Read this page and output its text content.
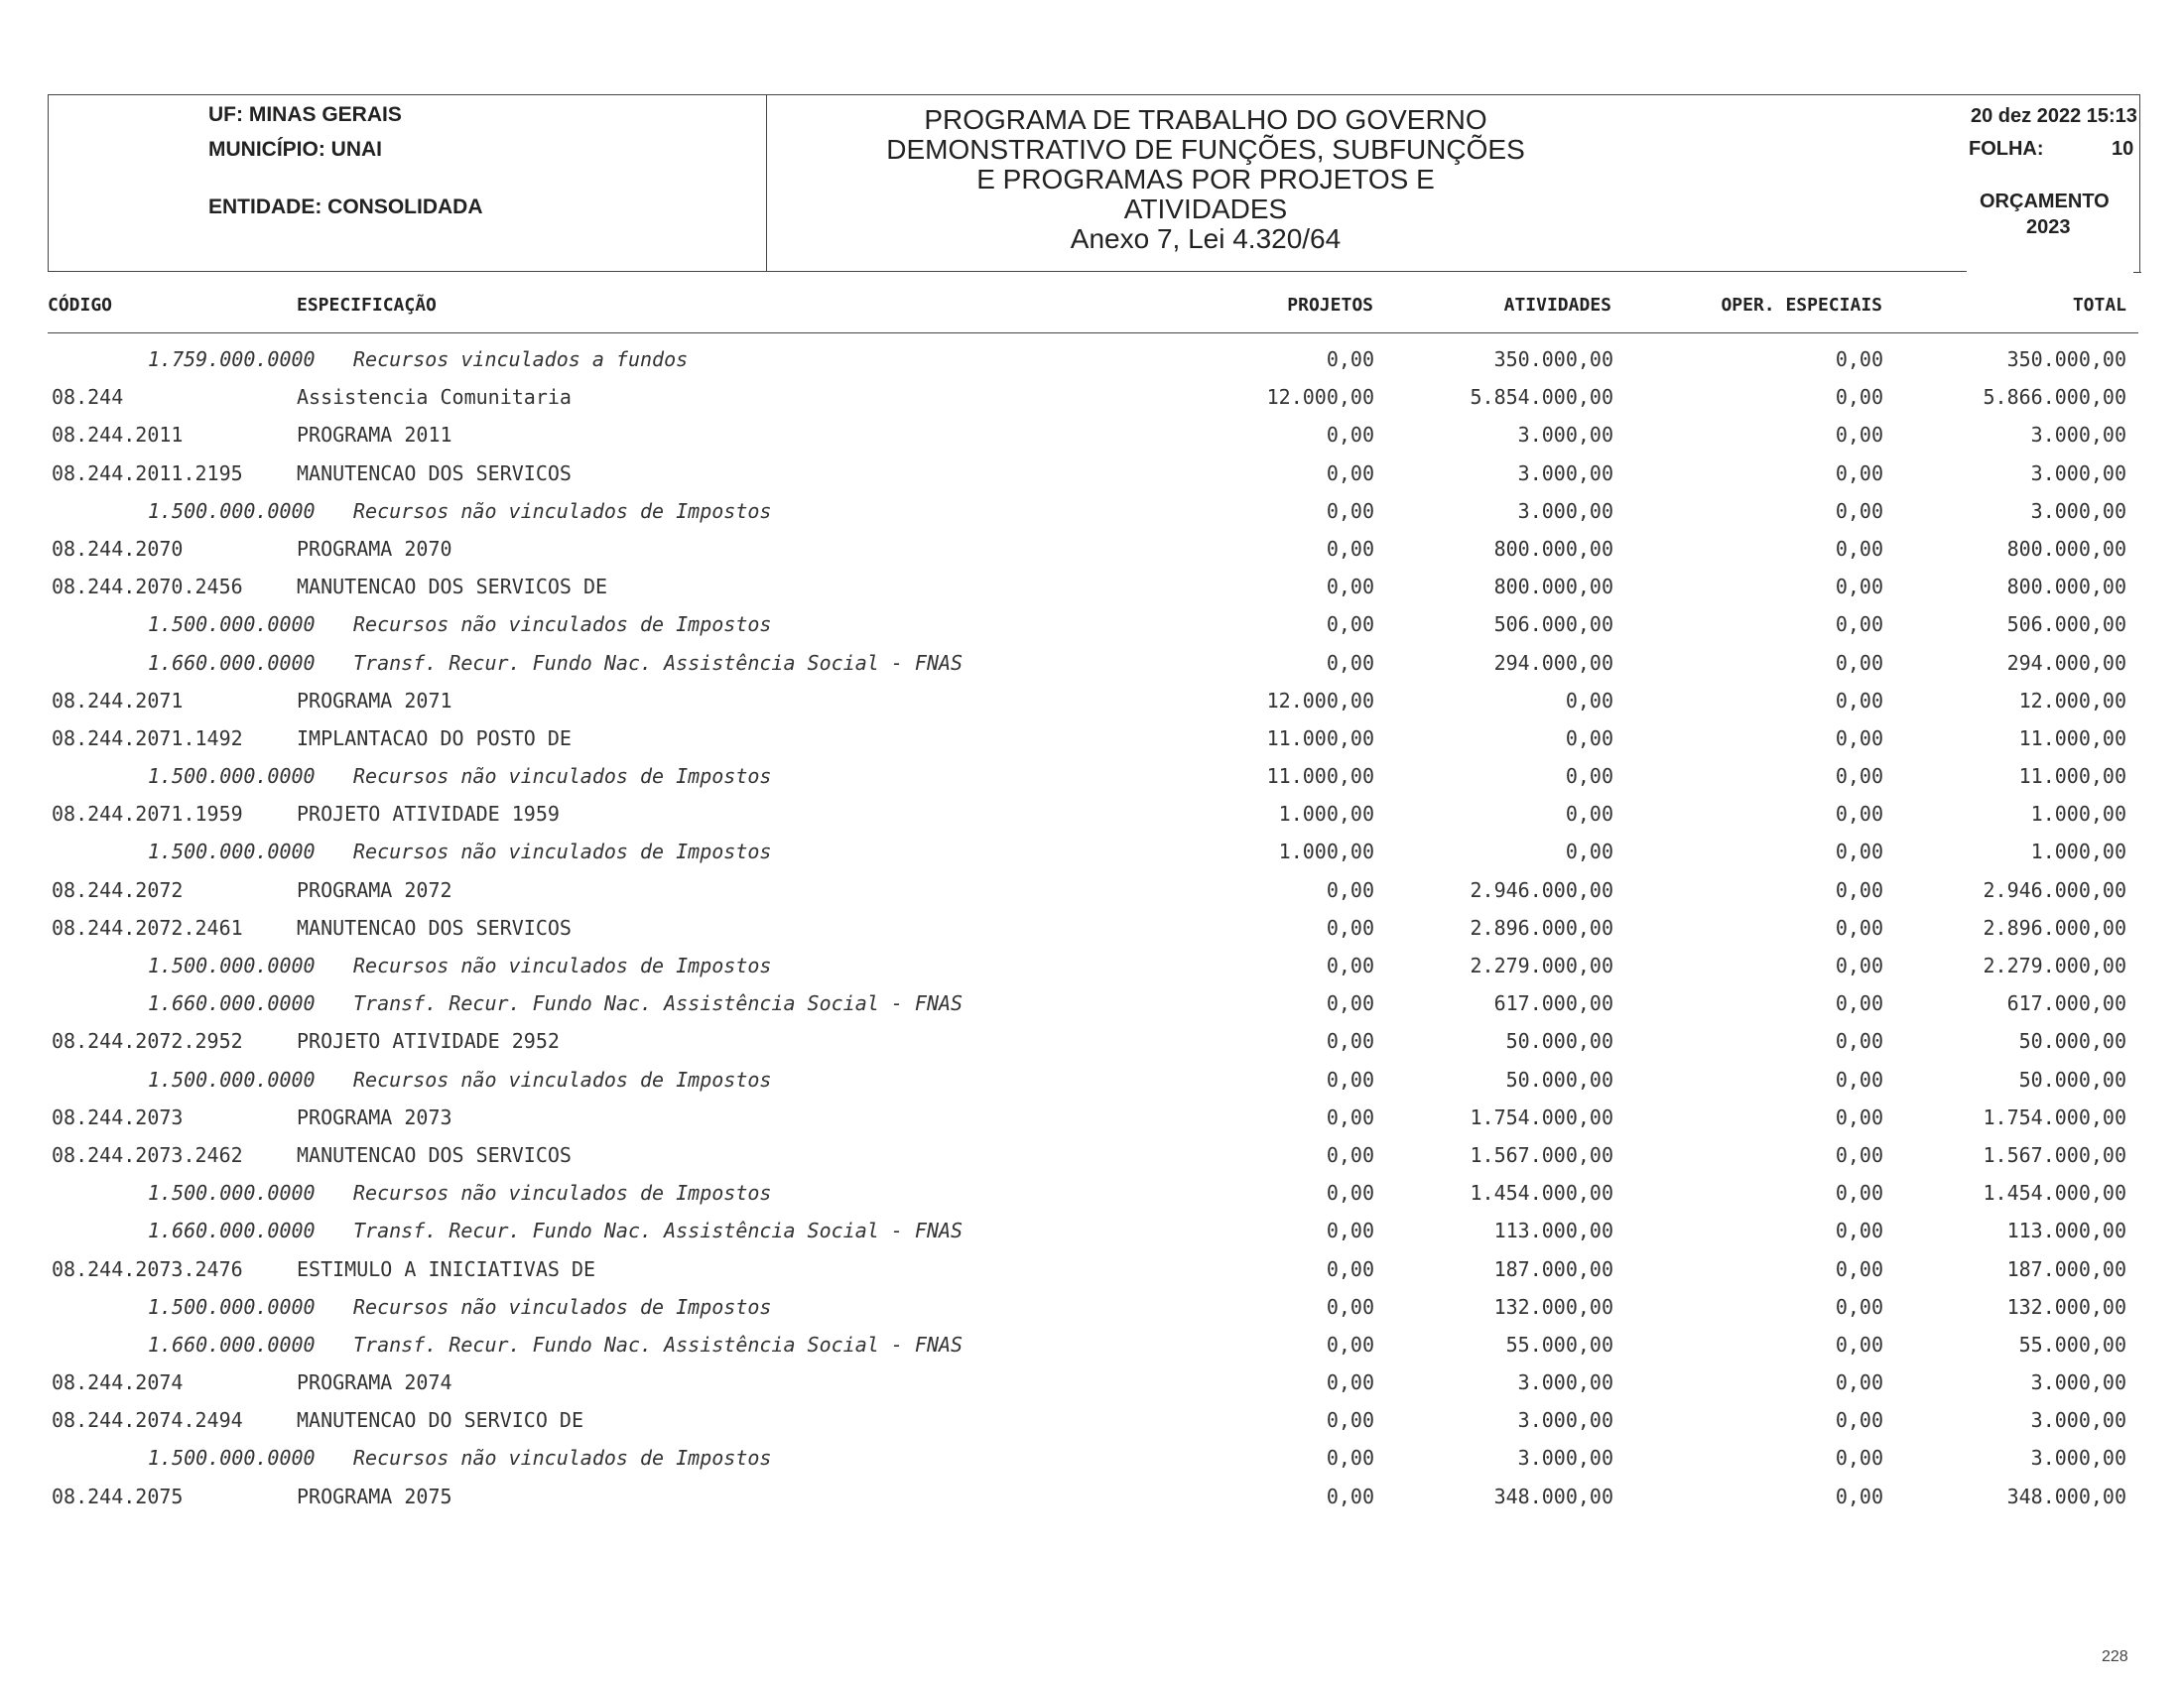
UF: MINAS GERAIS
MUNICÍPIO: UNAI
ENTIDADE: CONSOLIDADA
PROGRAMA DE TRABALHO DO GOVERNO
DEMONSTRATIVO DE FUNÇÕES, SUBFUNÇÕES
E PROGRAMAS POR PROJETOS E
ATIVIDADES
Anexo 7, Lei 4.320/64
20 dez 2022 15:13
FOLHA:	10
ORÇAMENTO
2023
CÓDIGO	ESPECIFICAÇÃO	PROJETOS	ATIVIDADES	OPER. ESPECIAIS	TOTAL
1.759.000.0000 Recursos vinculados a fundos	0,00	350.000,00	0,00	350.000,00
08.244	Assistencia Comunitaria	12.000,00	5.854.000,00	0,00	5.866.000,00
08.244.2011	PROGRAMA 2011	0,00	3.000,00	0,00	3.000,00
08.244.2011.2195	MANUTENCAO DOS SERVICOS	0,00	3.000,00	0,00	3.000,00
1.500.000.0000 Recursos não vinculados de Impostos	0,00	3.000,00	0,00	3.000,00
08.244.2070	PROGRAMA 2070	0,00	800.000,00	0,00	800.000,00
08.244.2070.2456	MANUTENCAO DOS SERVICOS DE	0,00	800.000,00	0,00	800.000,00
1.500.000.0000 Recursos não vinculados de Impostos	0,00	506.000,00	0,00	506.000,00
1.660.000.0000 Transf. Recur. Fundo Nac. Assistência Social - FNAS	0,00	294.000,00	0,00	294.000,00
08.244.2071	PROGRAMA 2071	12.000,00	0,00	0,00	12.000,00
08.244.2071.1492	IMPLANTACAO DO POSTO DE	11.000,00	0,00	0,00	11.000,00
1.500.000.0000 Recursos não vinculados de Impostos	11.000,00	0,00	0,00	11.000,00
08.244.2071.1959	PROJETO ATIVIDADE 1959	1.000,00	0,00	0,00	1.000,00
1.500.000.0000 Recursos não vinculados de Impostos	1.000,00	0,00	0,00	1.000,00
08.244.2072	PROGRAMA 2072	0,00	2.946.000,00	0,00	2.946.000,00
08.244.2072.2461	MANUTENCAO DOS SERVICOS	0,00	2.896.000,00	0,00	2.896.000,00
1.500.000.0000 Recursos não vinculados de Impostos	0,00	2.279.000,00	0,00	2.279.000,00
1.660.000.0000 Transf. Recur. Fundo Nac. Assistência Social - FNAS	0,00	617.000,00	0,00	617.000,00
08.244.2072.2952	PROJETO ATIVIDADE 2952	0,00	50.000,00	0,00	50.000,00
1.500.000.0000 Recursos não vinculados de Impostos	0,00	50.000,00	0,00	50.000,00
08.244.2073	PROGRAMA 2073	0,00	1.754.000,00	0,00	1.754.000,00
08.244.2073.2462	MANUTENCAO DOS SERVICOS	0,00	1.567.000,00	0,00	1.567.000,00
1.500.000.0000 Recursos não vinculados de Impostos	0,00	1.454.000,00	0,00	1.454.000,00
1.660.000.0000 Transf. Recur. Fundo Nac. Assistência Social - FNAS	0,00	113.000,00	0,00	113.000,00
08.244.2073.2476	ESTIMULO A INICIATIVAS DE	0,00	187.000,00	0,00	187.000,00
1.500.000.0000 Recursos não vinculados de Impostos	0,00	132.000,00	0,00	132.000,00
1.660.000.0000 Transf. Recur. Fundo Nac. Assistência Social - FNAS	0,00	55.000,00	0,00	55.000,00
08.244.2074	PROGRAMA 2074	0,00	3.000,00	0,00	3.000,00
08.244.2074.2494	MANUTENCAO DO SERVICO DE	0,00	3.000,00	0,00	3.000,00
1.500.000.0000 Recursos não vinculados de Impostos	0,00	3.000,00	0,00	3.000,00
08.244.2075	PROGRAMA 2075	0,00	348.000,00	0,00	348.000,00
228
